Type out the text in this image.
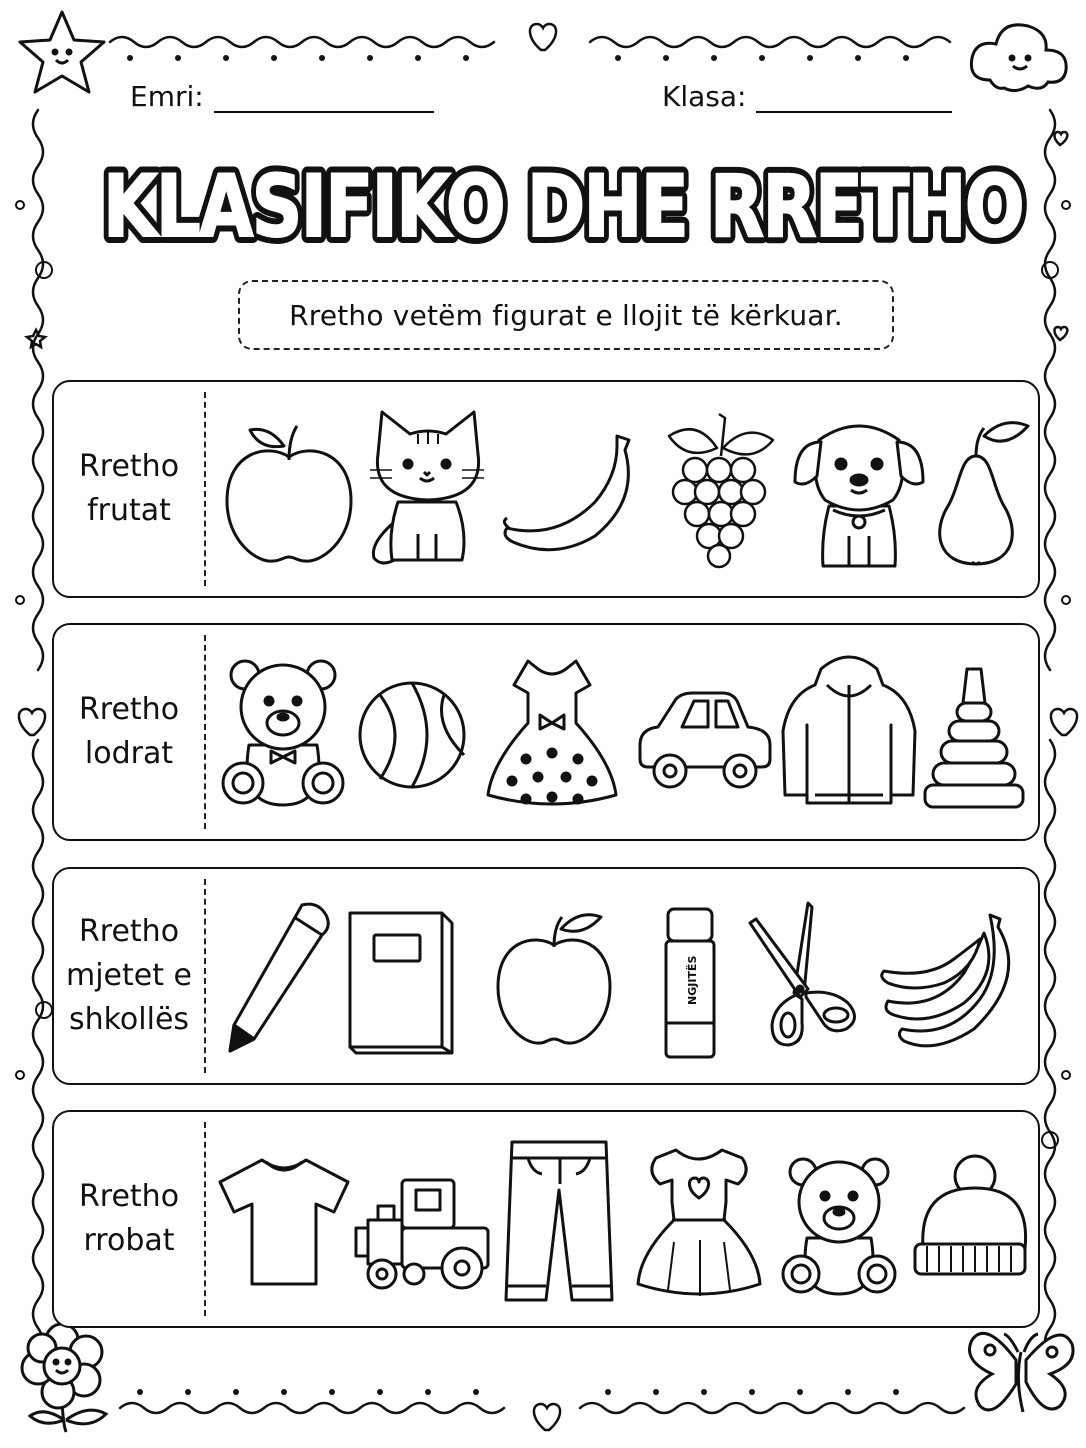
Emri:	Klasa:
KLASIFIKO DHE RRETHO
KLASIFIKO DHE RRETHO
Rretho vetëm figurat e llojit të kërkuar.
Rretho
frutat
Rretho
lodrat
Rretho
mjetet e
shkollës
NGJITËS
Rretho
rrobat
